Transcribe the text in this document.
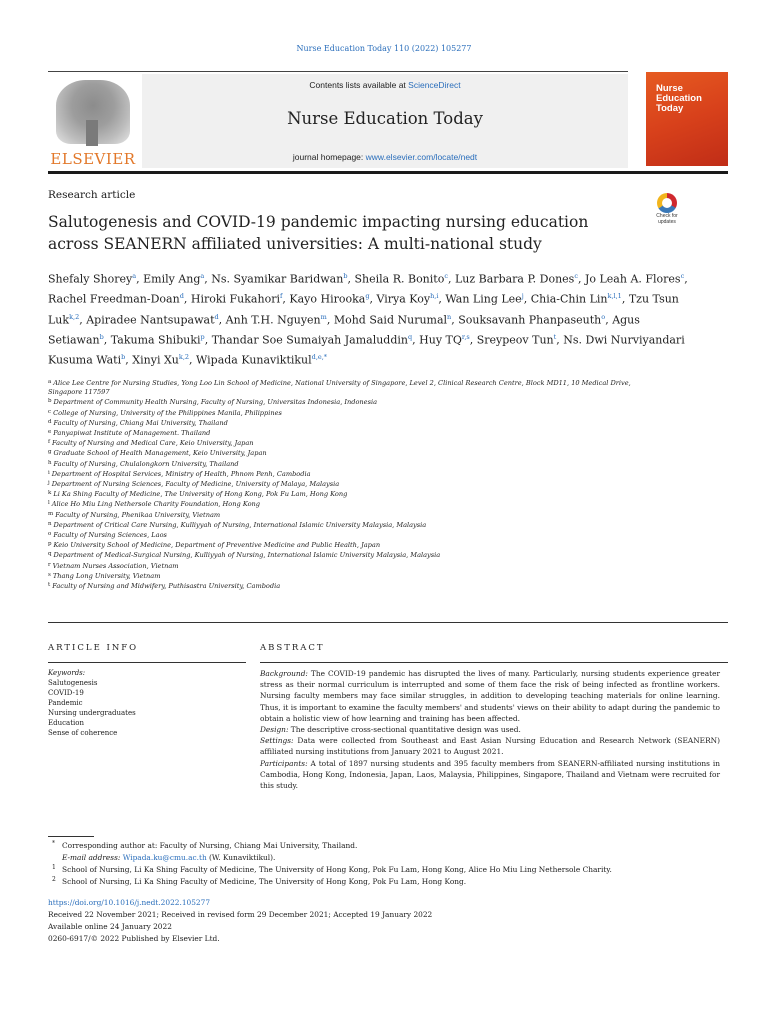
Nurse Education Today 110 (2022) 105277
ELSEVIER
Contents lists available at ScienceDirect
Nurse Education Today
journal homepage: www.elsevier.com/locate/nedt
Nurse
Education
Today
Research article
Salutogenesis and COVID-19 pandemic impacting nursing education across SEANERN affiliated universities: A multi-national study
Check for
updates
Shefaly Shorey$^a$, Emily Ang$^a$, Ns. Syamikar Baridwan$^b$, Sheila R. Bonito$^c$, Luz Barbara P. Dones$^c$, Jo Leah A. Flores$^c$, Rachel Freedman-Doan$^d$, Hiroki Fukahori$^f$, Kayo Hirooka$^g$, Virya Koy$^{h,i}$, Wan Ling Lee$^j$, Chia-Chin Lin$^{k,l,1}$, Tzu Tsun Luk$^{k,2}$, Apiradee Nantsupawat$^d$, Anh T.H. Nguyen$^m$, Mohd Said Nurumal$^n$, Souksavanh Phanpaseuth$^o$, Agus Setiawan$^b$, Takuma Shibuki$^p$, Thandar Soe Sumaiyah Jamaluddin$^q$, Huy TQ$^{r,s}$, Sreypeov Tun$^t$, Ns. Dwi Nurviyandari Kusuma Wati$^b$, Xinyi Xu$^{k,2}$, Wipada Kunaviktikul$^{d,e,*}$
$^a$ Alice Lee Centre for Nursing Studies, Yong Loo Lin School of Medicine, National University of Singapore, Level 2, Clinical Research Centre, Block MD11, 10 Medical Drive, Singapore 117597
$^b$ Department of Community Health Nursing, Faculty of Nursing, Universitas Indonesia, Indonesia
$^c$ College of Nursing, University of the Philippines Manila, Philippines
$^d$ Faculty of Nursing, Chiang Mai University, Thailand
$^e$ Panyapiwat Institute of Management. Thailand
$^f$ Faculty of Nursing and Medical Care, Keio University, Japan
$^g$ Graduate School of Health Management, Keio University, Japan
$^h$ Faculty of Nursing, Chulalongkorn University, Thailand
$^i$ Department of Hospital Services, Ministry of Health, Phnom Penh, Cambodia
$^j$ Department of Nursing Sciences, Faculty of Medicine, University of Malaya, Malaysia
$^k$ Li Ka Shing Faculty of Medicine, The University of Hong Kong, Pok Fu Lam, Hong Kong
$^l$ Alice Ho Miu Ling Nethersole Charity Foundation, Hong Kong
$^m$ Faculty of Nursing, Phenikaa University, Vietnam
$^n$ Department of Critical Care Nursing, Kulliyyah of Nursing, International Islamic University Malaysia, Malaysia
$^o$ Faculty of Nursing Sciences, Laos
$^p$ Keio University School of Medicine, Department of Preventive Medicine and Public Health, Japan
$^q$ Department of Medical-Surgical Nursing, Kulliyyah of Nursing, International Islamic University Malaysia, Malaysia
$^r$ Vietnam Nurses Association, Vietnam
$^s$ Thang Long University, Vietnam
$^t$ Faculty of Nursing and Midwifery, Puthisastra University, Cambodia
ARTICLE INFO	ABSTRACT
Keywords:
Salutogenesis
COVID-19
Pandemic
Nursing undergraduates
Education
Sense of coherence

Background: The COVID-19 pandemic has disrupted the lives of many. Particularly, nursing students experience greater stress as their normal curriculum is interrupted and some of them face the risk of being infected as frontline workers. Nursing faculty members may face similar struggles, in addition to developing teaching materials for online learning. Thus, it is important to examine the faculty members' and students' views on their ability to adapt during the pandemic to obtain a holistic view of how learning and training has been affected.

Design: The descriptive cross-sectional quantitative design was used.

Settings: Data were collected from Southeast and East Asian Nursing Education and Research Network (SEANERN) affiliated nursing institutions from January 2021 to August 2021.

Participants: A total of 1897 nursing students and 395 faculty members from SEANERN-affiliated nursing institutions in Cambodia, Hong Kong, Indonesia, Japan, Laos, Malaysia, Philippines, Singapore, Thailand and Vietnam were recruited for this study.

* Corresponding author at: Faculty of Nursing, Chiang Mai University, Thailand.
E-mail address: Wipada.ku@cmu.ac.th (W. Kunaviktikul).
1 School of Nursing, Li Ka Shing Faculty of Medicine, The University of Hong Kong, Pok Fu Lam, Hong Kong, Alice Ho Miu Ling Nethersole Charity.
2 School of Nursing, Li Ka Shing Faculty of Medicine, The University of Hong Kong, Pok Fu Lam, Hong Kong.
https://doi.org/10.1016/j.nedt.2022.105277
Received 22 November 2021; Received in revised form 29 December 2021; Accepted 19 January 2022
Available online 24 January 2022
0260-6917/© 2022 Published by Elsevier Ltd.
